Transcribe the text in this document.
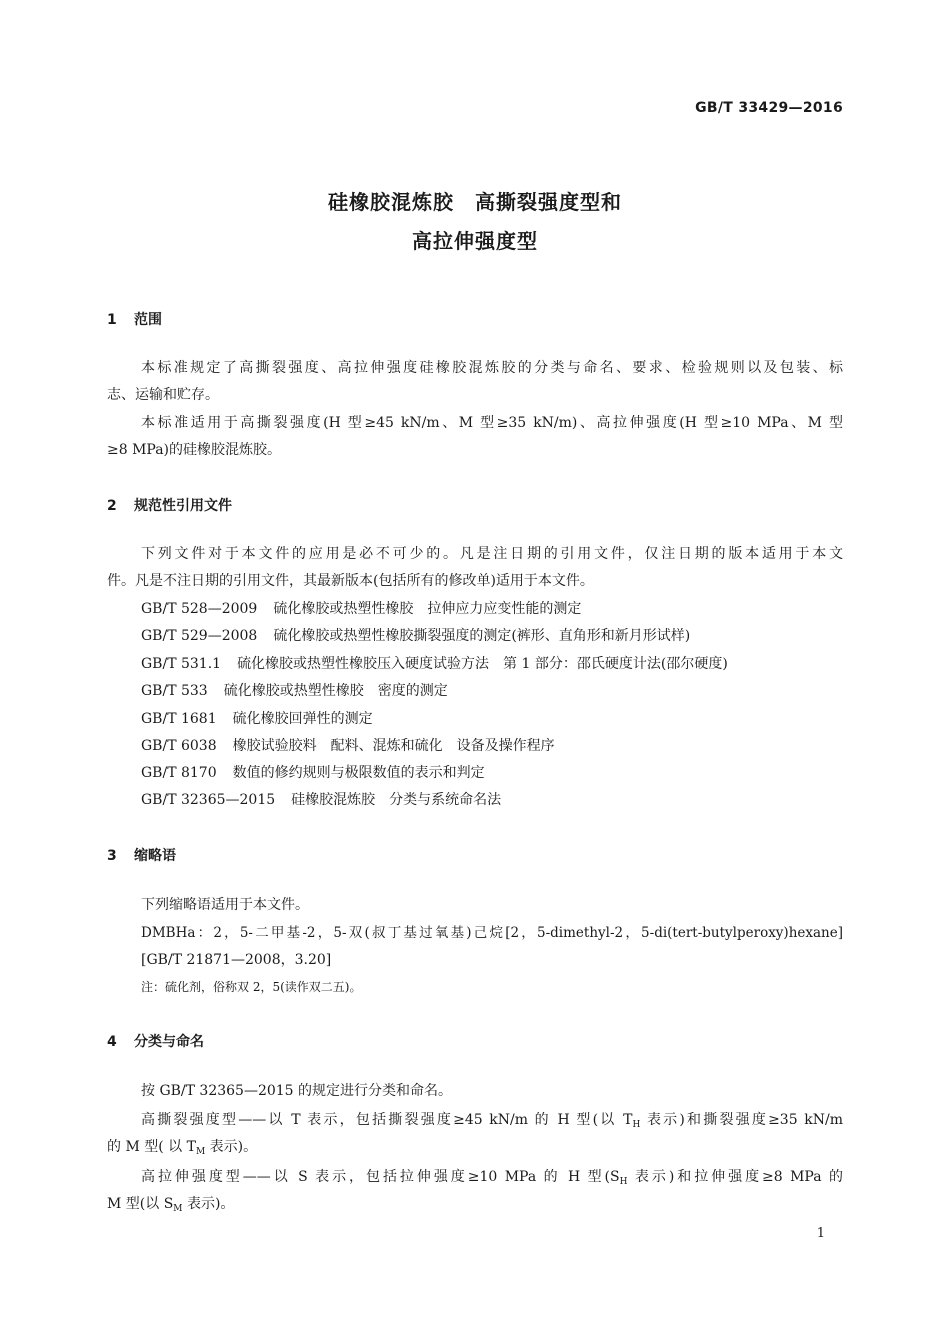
GB/T 33429—2016
硅橡胶混炼胶　高撕裂强度型和
高拉伸强度型
1 范围
本标准规定了高撕裂强度、高拉伸强度硅橡胶混炼胶的分类与命名、要求、检验规则以及包装、标
志、运输和贮存。
本标准适用于高撕裂强度(H 型≥45 kN/m、M 型≥35 kN/m)、高拉伸强度(H 型≥10 MPa、M 型
≥8 MPa)的硅橡胶混炼胶。
2 规范性引用文件
下列文件对于本文件的应用是必不可少的。凡是注日期的引用文件，仅注日期的版本适用于本文
件。凡是不注日期的引用文件，其最新版本(包括所有的修改单)适用于本文件。
GB/T 528—2009 硫化橡胶或热塑性橡胶　拉伸应力应变性能的测定
GB/T 529—2008 硫化橡胶或热塑性橡胶撕裂强度的测定(裤形、直角形和新月形试样)
GB/T 531.1 硫化橡胶或热塑性橡胶压入硬度试验方法　第 1 部分：邵氏硬度计法(邵尔硬度)
GB/T 533 硫化橡胶或热塑性橡胶　密度的测定
GB/T 1681 硫化橡胶回弹性的测定
GB/T 6038 橡胶试验胶料　配料、混炼和硫化　设备及操作程序
GB/T 8170 数值的修约规则与极限数值的表示和判定
GB/T 32365—2015 硅橡胶混炼胶　分类与系统命名法
3 缩略语
下列缩略语适用于本文件。
DMBHa：2，5-二甲基-2，5-双(叔丁基过氧基)己烷[2，5-dimethyl-2，5-di(tert-butylperoxy)hexane]
[GB/T 21871—2008，3.20]
注：硫化剂，俗称双 2，5(读作双二五)。
4 分类与命名
按 GB/T 32365—2015 的规定进行分类和命名。
高撕裂强度型——以 T 表示，包括撕裂强度≥45 kN/m 的 H 型(以 $T_H$ 表示)和撕裂强度≥35 kN/m
的 M 型( 以 $T_M$ 表示)。
高拉伸强度型——以 S 表示，包括拉伸强度≥10 MPa 的 H 型($S_H$ 表示)和拉伸强度≥8 MPa 的
M 型(以 $S_M$ 表示)。
1
